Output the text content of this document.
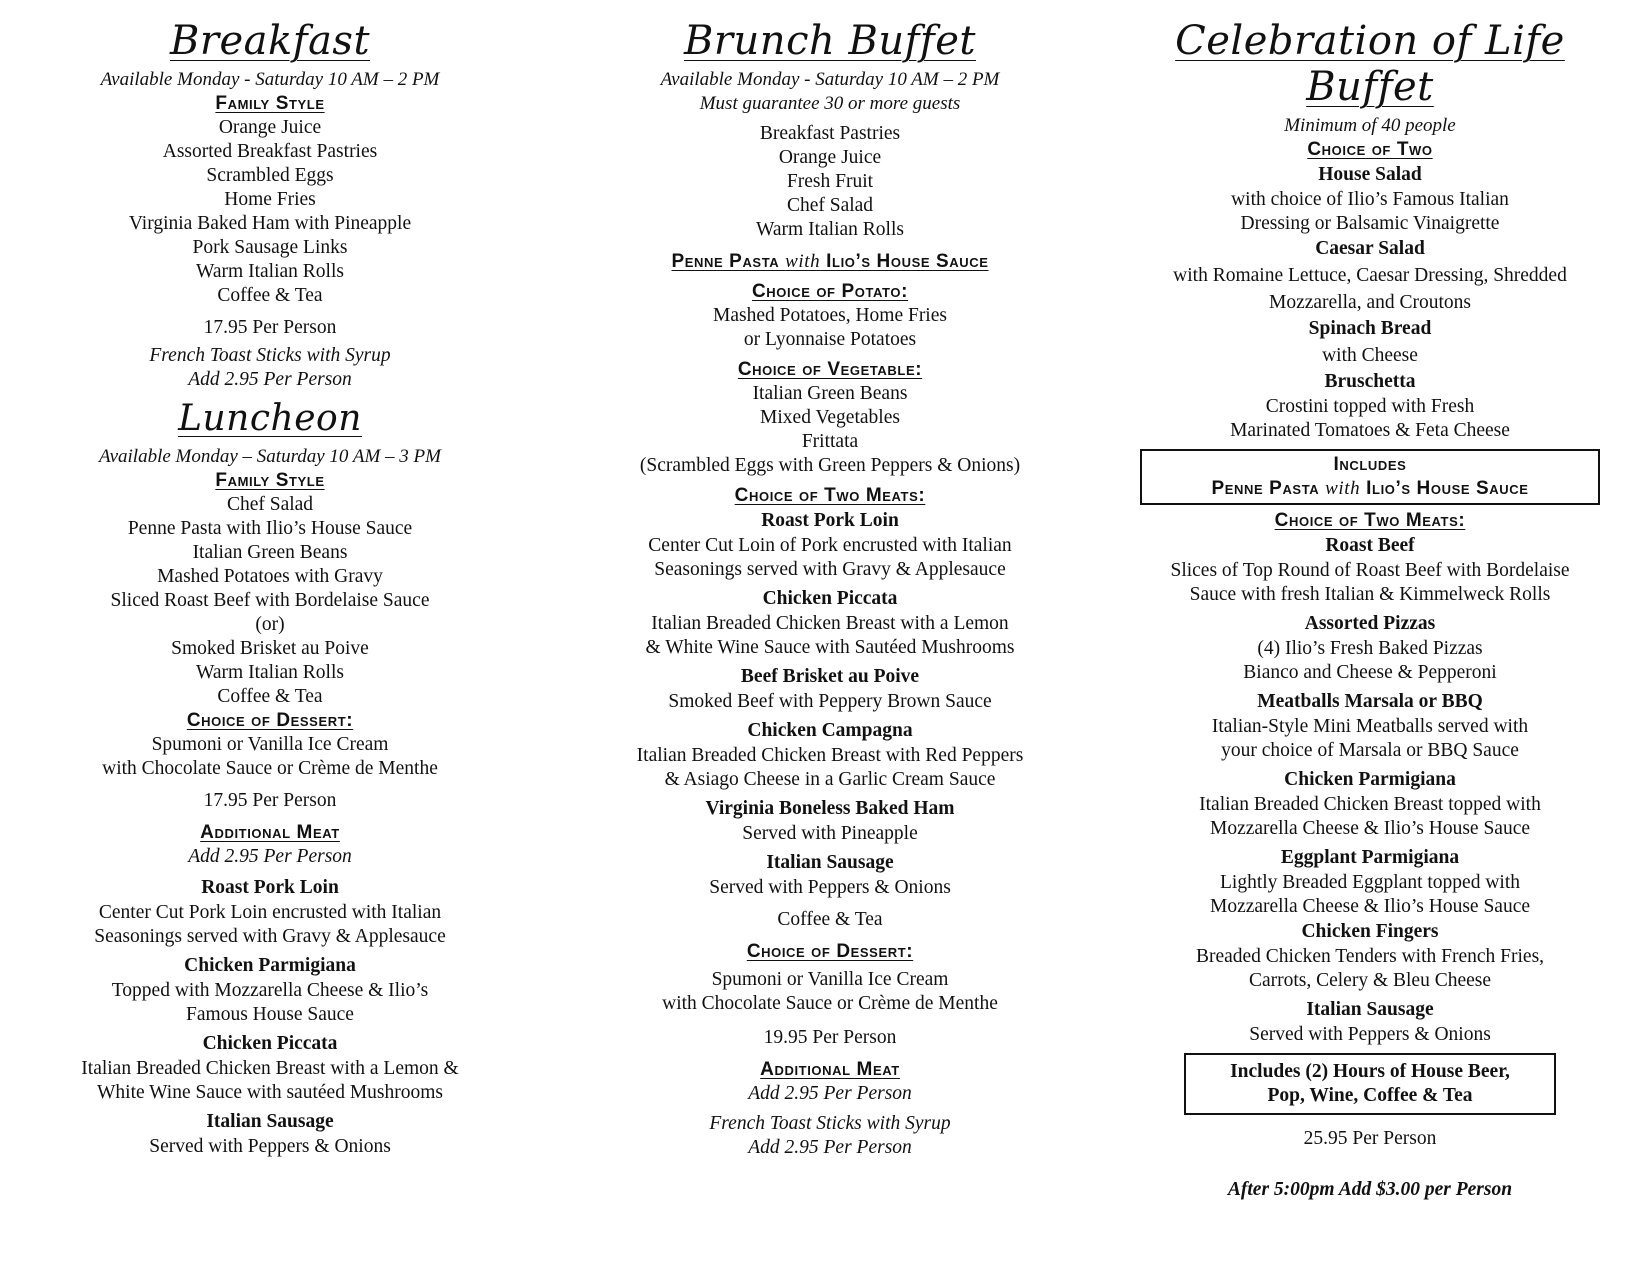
Breakfast

Available Monday - Saturday 10 AM – 2 PM

Family Style

Orange Juice

Assorted Breakfast Pastries

Scrambled Eggs

Home Fries

Virginia Baked Ham with Pineapple

Pork Sausage Links

Warm Italian Rolls

Coffee & Tea

17.95 Per Person

French Toast Sticks with Syrup

Add 2.95 Per Person

Luncheon

Available Monday – Saturday 10 AM – 3 PM

Family Style

Chef Salad

Penne Pasta with Ilio’s House Sauce

Italian Green Beans

Mashed Potatoes with Gravy

Sliced Roast Beef with Bordelaise Sauce

(or)

Smoked Brisket au Poive

Warm Italian Rolls

Coffee & Tea

Choice of Dessert:

Spumoni or Vanilla Ice Cream

with Chocolate Sauce or Crème de Menthe

17.95 Per Person

Additional Meat

Add 2.95 Per Person

Roast Pork Loin

Center Cut Pork Loin encrusted with Italian

Seasonings served with Gravy & Applesauce

Chicken Parmigiana

Topped with Mozzarella Cheese & Ilio’s

Famous House Sauce

Chicken Piccata

Italian Breaded Chicken Breast with a Lemon &

White Wine Sauce with sautéed Mushrooms

Italian Sausage

Served with Peppers & Onions

Brunch Buffet

Available Monday - Saturday 10 AM – 2 PM

Must guarantee 30 or more guests

Breakfast Pastries

Orange Juice

Fresh Fruit

Chef Salad

Warm Italian Rolls

Penne Pasta with Ilio’s House Sauce

Choice of Potato:

Mashed Potatoes, Home Fries

or Lyonnaise Potatoes

Choice of Vegetable:

Italian Green Beans

Mixed Vegetables

Frittata

(Scrambled Eggs with Green Peppers & Onions)

Choice of Two Meats:

Roast Pork Loin

Center Cut Loin of Pork encrusted with Italian

Seasonings served with Gravy & Applesauce

Chicken Piccata

Italian Breaded Chicken Breast with a Lemon

& White Wine Sauce with Sautéed Mushrooms

Beef Brisket au Poive

Smoked Beef with Peppery Brown Sauce

Chicken Campagna

Italian Breaded Chicken Breast with Red Peppers

& Asiago Cheese in a Garlic Cream Sauce

Virginia Boneless Baked Ham

Served with Pineapple

Italian Sausage

Served with Peppers & Onions

Coffee & Tea

Choice of Dessert:

Spumoni or Vanilla Ice Cream

with Chocolate Sauce or Crème de Menthe

19.95 Per Person

Additional Meat

Add 2.95 Per Person

French Toast Sticks with Syrup

Add 2.95 Per Person

Celebration of Life Buffet

Minimum of 40 people

Choice of Two

House Salad

with choice of Ilio’s Famous Italian

Dressing or Balsamic Vinaigrette

Caesar Salad

with Romaine Lettuce, Caesar Dressing, Shredded

Mozzarella, and Croutons

Spinach Bread

with Cheese

Bruschetta

Crostini topped with Fresh

Marinated Tomatoes & Feta Cheese

Includes

Penne Pasta with Ilio’s House Sauce

Choice of Two Meats:

Roast Beef

Slices of Top Round of Roast Beef with Bordelaise

Sauce with fresh Italian & Kimmelweck Rolls

Assorted Pizzas

(4) Ilio’s Fresh Baked Pizzas

Bianco and Cheese & Pepperoni

Meatballs Marsala or BBQ

Italian-Style Mini Meatballs served with

your choice of Marsala or BBQ Sauce

Chicken Parmigiana

Italian Breaded Chicken Breast topped with

Mozzarella Cheese & Ilio’s House Sauce

Eggplant Parmigiana

Lightly Breaded Eggplant topped with

Mozzarella Cheese & Ilio’s House Sauce

Chicken Fingers

Breaded Chicken Tenders with French Fries,

Carrots, Celery & Bleu Cheese

Italian Sausage

Served with Peppers & Onions

Includes (2) Hours of House Beer,

Pop, Wine, Coffee & Tea

25.95 Per Person

After 5:00pm Add $3.00 per Person
